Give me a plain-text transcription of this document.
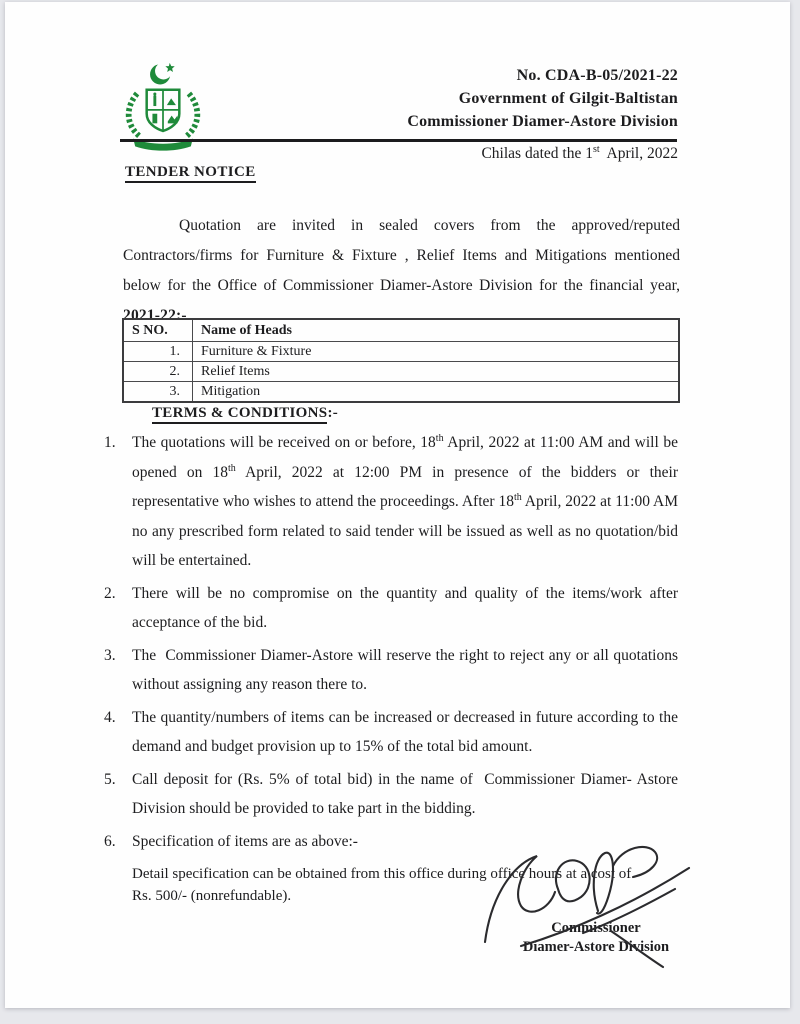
No. CDA-B-05/2021-22
Government of Gilgit-Baltistan
Commissioner Diamer-Astore Division
Chilas dated the 1st  April, 2022
TENDER NOTICE

Quotation are invited in sealed covers from the approved/reputed Contractors/firms for Furniture & Fixture , Relief Items and Mitigations mentioned below for the Office of Commissioner Diamer-Astore Division for the financial year, 2021-22:-

S NO.	Name of Heads
1.	Furniture & Fixture
2.	Relief Items
3.	Mitigation
TERMS & CONDITIONS:-
1.	The quotations will be received on or before, 18th April, 2022 at 11:00 AM and will be opened on 18th April, 2022 at 12:00 PM in presence of the bidders or their representative who wishes to attend the proceedings. After 18th April, 2022 at 11:00 AM no any prescribed form related to said tender will be issued as well as no quotation/bid will be entertained.
2.	There will be no compromise on the quantity and quality of the items/work after acceptance of the bid.
3.	The  Commissioner Diamer-Astore will reserve the right to reject any or all quotations without assigning any reason there to.
4.	The quantity/numbers of items can be increased or decreased in future according to the demand and budget provision up to 15% of the total bid amount.
5.	Call deposit for (Rs. 5% of total bid) in the name of  Commissioner Diamer- Astore Division should be provided to take part in the bidding.
6.	Specification of items are as above:-
Detail specification can be obtained from this office during office hours at a cost of
Rs. 500/- (nonrefundable).
Commissioner
Diamer-Astore Division
